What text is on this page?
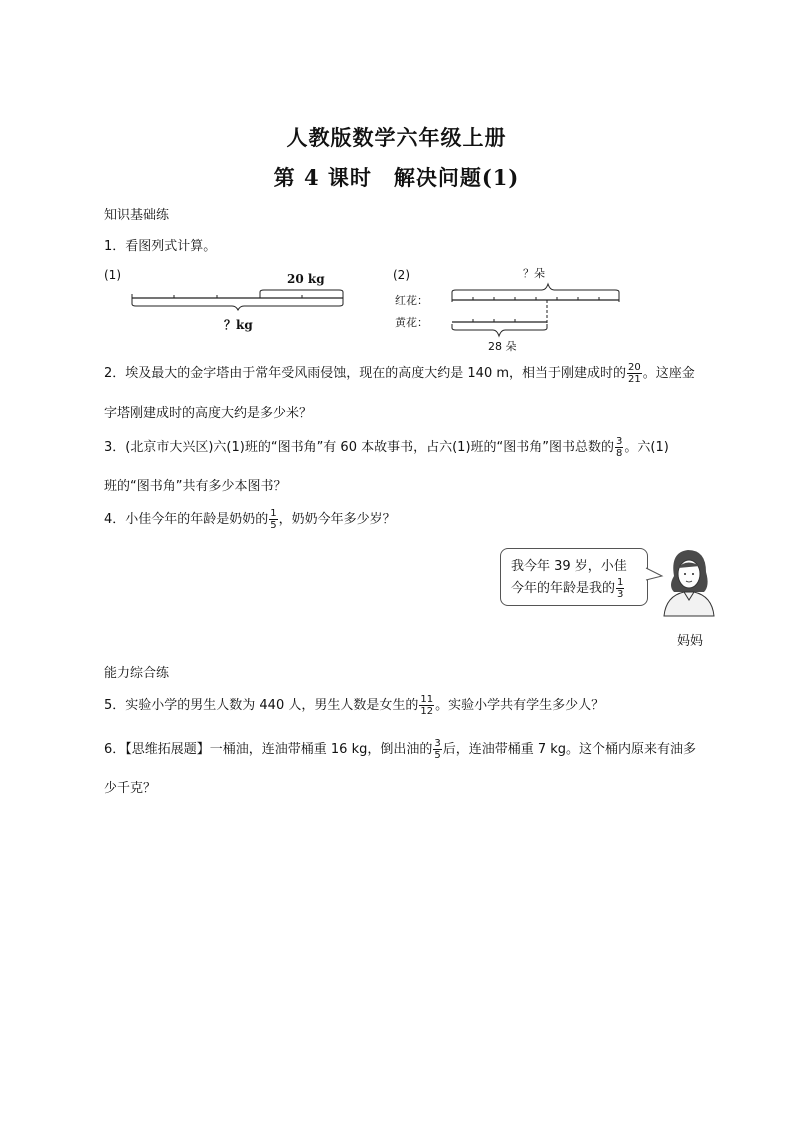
人教版数学六年级上册
第 4 课时　解决问题(1)
知识基础练
1．看图列式计算。
(1)	20 kg
？kg
(2)	？朵
红花：
黄花：
28 朵
2．埃及最大的金字塔由于常年受风雨侵蚀，现在的高度大约是 140 m，相当于刚建成时的 $\frac{20}{21}$ 。这座金
字塔刚建成时的高度大约是多少米？
3．(北京市大兴区)六(1)班的“图书角”有 60 本故事书，占六(1)班的“图书角”图书总数的 $\frac{3}{8}$ 。六(1)
班的“图书角”共有多少本图书？
4．小佳今年的年龄是奶奶的 $\frac{1}{5}$ ，奶奶今年多少岁？
我今年 39 岁，小佳
今年的年龄是我的 $\frac{1}{3}$
妈妈
能力综合练
5．实验小学的男生人数为 440 人，男生人数是女生的 $\frac{11}{12}$ 。实验小学共有学生多少人？
6．【思维拓展题】一桶油，连油带桶重 16 kg，倒出油的 $\frac{3}{5}$ 后，连油带桶重 7 kg。这个桶内原来有油多
少千克？
